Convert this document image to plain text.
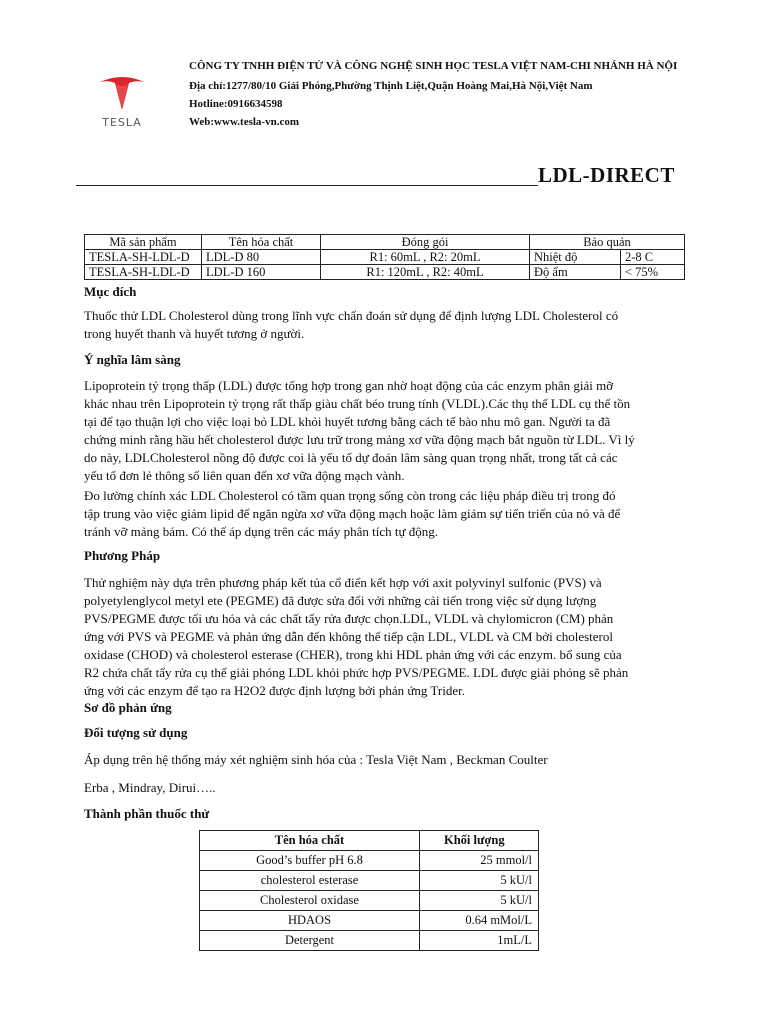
TESLA
CÔNG TY TNHH ĐIỆN TỬ VÀ CÔNG NGHỆ SINH HỌC TESLA VIỆT NAM-CHI NHÁNH HÀ NỘI
Địa chỉ:1277/80/10 Giải Phóng,Phường Thịnh Liệt,Quận Hoàng Mai,Hà Nội,Việt Nam
Hotline:0916634598
Web:www.tesla-vn.com
LDL-DIRECT
Mã sản phẩm	Tên hóa chất	Đóng gói	Bảo quản	
TESLA-SH-LDL-D	LDL-D 80	R1: 60mL , R2: 20mL	Nhiệt độ	2-8 C
TESLA-SH-LDL-D	LDL-D 160	R1: 120mL , R2: 40mL	Độ ẩm	< 75%
Mục đích
Thuốc thử LDL Cholesterol dùng trong lĩnh vực chẩn đoán sử dụng để định lượng LDL Cholesterol có
trong huyết thanh và huyết tương ở người.
Ý nghĩa lâm sàng
Lipoprotein tỷ trọng thấp (LDL) được tổng hợp trong gan nhờ hoạt động của các enzym phân giải mỡ
khác nhau trên Lipoprotein tỷ trọng rất thấp giàu chất béo trung tính (VLDL).Các thụ thể LDL cụ thể tồn
tại để tạo thuận lợi cho việc loại bỏ LDL khỏi huyết tương bằng cách tế bào nhu mô gan. Người ta đã
chứng minh rằng hầu hết cholesterol được lưu trữ trong mảng xơ vữa động mạch bắt nguồn từ LDL. Vì lý
do này, LDLCholesterol nồng độ được coi là yếu tố dự đoán lâm sàng quan trọng nhất, trong tất cả các
yếu tố đơn lẻ thông số liên quan đến xơ vữa động mạch vành.
Đo lường chính xác LDL Cholesterol có tầm quan trọng sống còn trong các liệu pháp điều trị trong đó
tập trung vào việc giảm lipid để ngăn ngừa xơ vữa động mạch hoặc làm giảm sự tiến triển của nó và để
tránh vỡ mảng bám. Có thể áp dụng trên các máy phân tích tự động.
Phương Pháp
Thử nghiệm này dựa trên phương pháp kết tủa cổ điển kết hợp với axit polyvinyl sulfonic (PVS) và
polyetylenglycol metyl ete (PEGME) đã được sửa đổi với những cải tiến trong việc sử dụng lượng
PVS/PEGME được tối ưu hóa và các chất tẩy rửa được chọn.LDL, VLDL và chylomicron (CM) phản
ứng với PVS và PEGME và phản ứng dẫn đến không thể tiếp cận LDL, VLDL và CM bởi cholesterol
oxidase (CHOD) và cholesterol esterase (CHER), trong khi HDL phản ứng với các enzym. bổ sung của
R2 chứa chất tẩy rửa cụ thể giải phóng LDL khỏi phức hợp PVS/PEGME. LDL được giải phóng sẽ phản
ứng với các enzym để tạo ra H2O2 được định lượng bởi phản ứng Trider.
Sơ đồ phản ứng
Đối tượng sử dụng
Áp dụng trên hệ thống máy xét nghiệm sinh hóa của : Tesla Việt Nam , Beckman Coulter
Erba , Mindray, Dirui…..
Thành phần thuốc thử
Tên hóa chất	Khối lượng
Good’s buffer pH 6.8	25 mmol/l
cholesterol esterase	5 kU/l
Cholesterol oxidase	5 kU/l
HDAOS	0.64 mMol/L
Detergent	1mL/L
